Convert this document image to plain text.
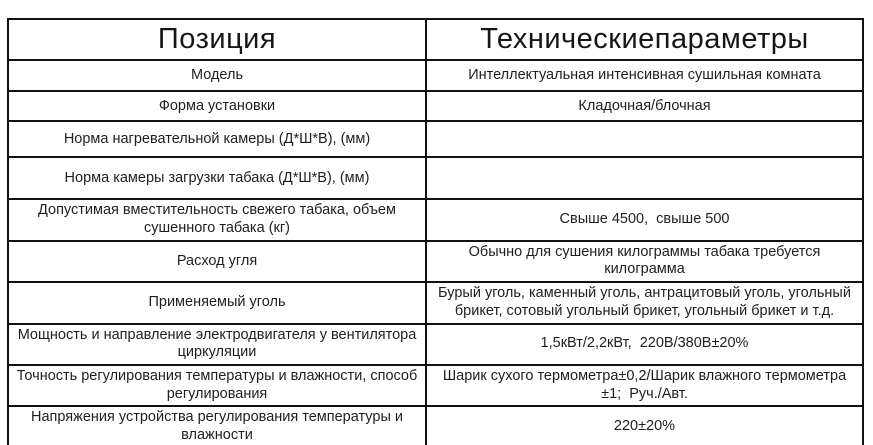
Позиция	Техническиепараметры
Модель	Интеллектуальная интенсивная сушильная комната
Форма установки	Кладочная/блочная
Норма нагревательной камеры (Д*Ш*В), (мм)	
Норма камеры загрузки табака (Д*Ш*В), (мм)	
Допустимая вместительность свежего табака, объем сушенного табака (кг)	Свыше 4500,  свыше 500
Расход угля	Обычно для сушения килограммы табака требуется килограмма
Применяемый уголь	Бурый уголь, каменный уголь, антрацитовый уголь, угольный брикет, сотовый угольный брикет, угольный брикет и т.д.
Мощность и направление электродвигателя у вентилятора циркуляции	1,5кВт/2,2кВт,  220В/380В±20%
Точность регулирования температуры и влажности, способ регулирования	Шарик сухого термометра±0,2/Шарик влажного термометра ±1;  Руч./Авт.
Напряжения устройства регулирования температуры и влажности	220±20%
